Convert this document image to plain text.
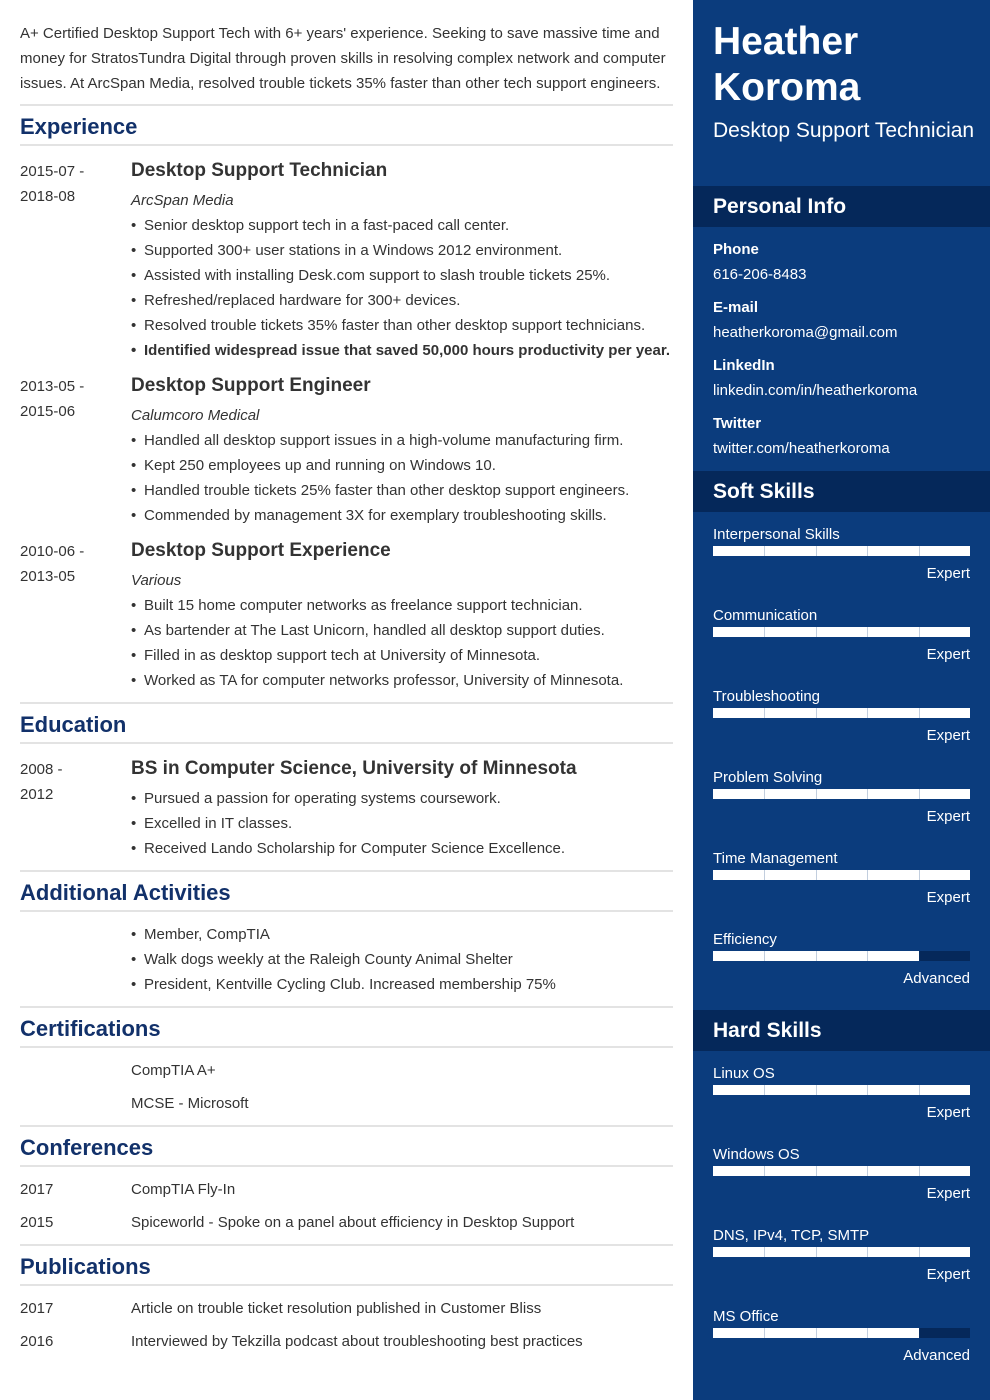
A+ Certified Desktop Support Tech with 6+ years' experience. Seeking to save massive time and money for StratosTundra Digital through proven skills in resolving complex network and computer issues. At ArcSpan Media, resolved trouble tickets 35% faster than other tech support engineers.

Experience
2015-07 -
2018-08
Desktop Support Technician
ArcSpan Media
• Senior desktop support tech in a fast-paced call center.
• Supported 300+ user stations in a Windows 2012 environment.
• Assisted with installing Desk.com support to slash trouble tickets 25%.
• Refreshed/replaced hardware for 300+ devices.
• Resolved trouble tickets 35% faster than other desktop support technicians.
• Identified widespread issue that saved 50,000 hours productivity per year.
2013-05 -
2015-06
Desktop Support Engineer
Calumcoro Medical
• Handled all desktop support issues in a high-volume manufacturing firm.
• Kept 250 employees up and running on Windows 10.
• Handled trouble tickets 25% faster than other desktop support engineers.
• Commended by management 3X for exemplary troubleshooting skills.
2010-06 -
2013-05
Desktop Support Experience
Various
• Built 15 home computer networks as freelance support technician.
• As bartender at The Last Unicorn, handled all desktop support duties.
• Filled in as desktop support tech at University of Minnesota.
• Worked as TA for computer networks professor, University of Minnesota.
Education
2008 -
2012
BS in Computer Science, University of Minnesota
• Pursued a passion for operating systems coursework.
• Excelled in IT classes.
• Received Lando Scholarship for Computer Science Excellence.
Additional Activities
• Member, CompTIA
• Walk dogs weekly at the Raleigh County Animal Shelter
• President, Kentville Cycling Club. Increased membership 75%
Certifications
CompTIA A+
MCSE - Microsoft
Conferences
2017	CompTIA Fly-In
2015	Spiceworld - Spoke on a panel about efficiency in Desktop Support
Publications
2017	Article on trouble ticket resolution published in Customer Bliss
2016	Interviewed by Tekzilla podcast about troubleshooting best practices
Heather
Koroma
Desktop Support Technician
Personal Info
Phone
616-206-8483
E-mail
heatherkoroma@gmail.com
LinkedIn
linkedin.com/in/heatherkoroma
Twitter
twitter.com/heatherkoroma
Soft Skills
Interpersonal Skills
Expert
Communication
Expert
Troubleshooting
Expert
Problem Solving
Expert
Time Management
Expert
Efficiency
Advanced
Hard Skills
Linux OS
Expert
Windows OS
Expert
DNS, IPv4, TCP, SMTP
Expert
MS Office
Advanced
